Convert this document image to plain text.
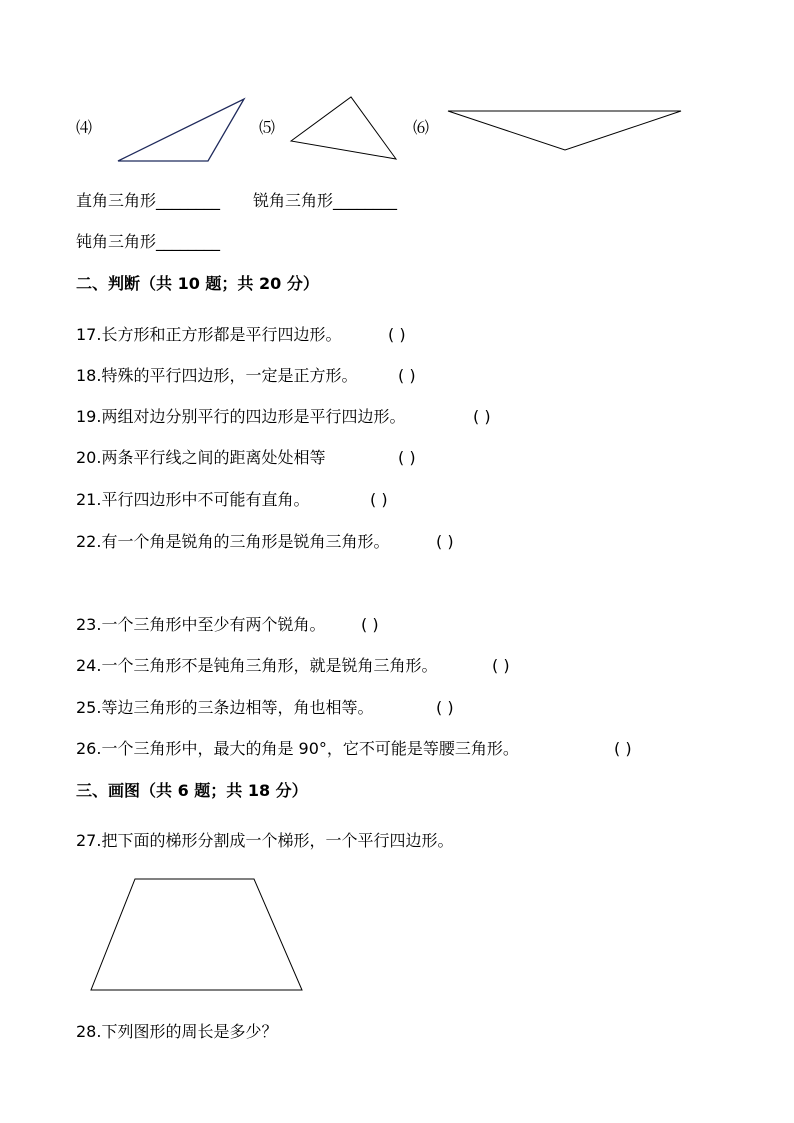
⑷	⑸	⑹
直角三角形________ 锐角三角形________
钝角三角形________
二、判断（共 10 题；共 20 分）
17.长方形和正方形都是平行四边形。	( )
18.特殊的平行四边形，一定是正方形。	( )
19.两组对边分别平行的四边形是平行四边形。	( )
20.两条平行线之间的距离处处相等	( )
21.平行四边形中不可能有直角。	( )
22.有一个角是锐角的三角形是锐角三角形。	( )
23.一个三角形中至少有两个锐角。 ( )
24.一个三角形不是钝角三角形，就是锐角三角形。	( )
25.等边三角形的三条边相等，角也相等。	( )
26.一个三角形中，最大的角是 90°，它不可能是等腰三角形。	( )
三、画图（共 6 题；共 18 分）
27.把下面的梯形分割成一个梯形，一个平行四边形。
28.下列图形的周长是多少？
